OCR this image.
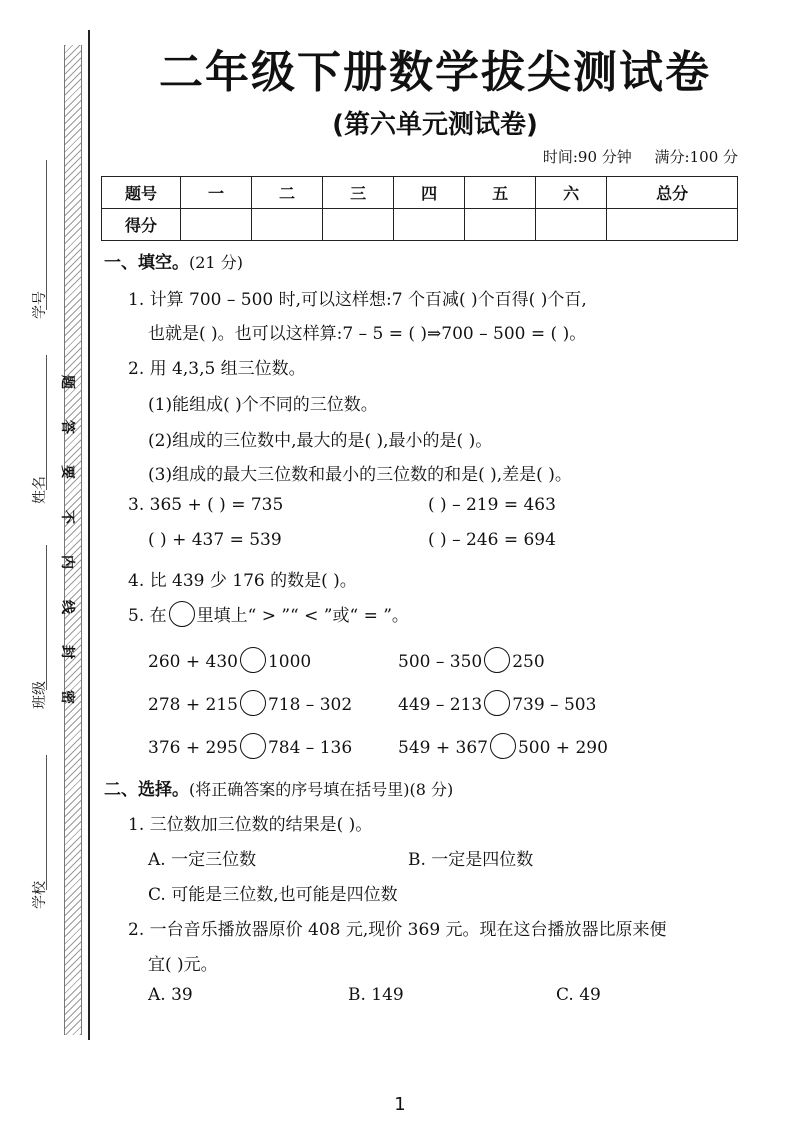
学号
姓名
班级
学校
题
答
要
不
内
线
封
密
二年级下册数学拔尖测试卷
(第六单元测试卷)
时间:90 分钟 满分:100 分
题号	一	二	三	四	五	六	总分
得分							
一、填空。(21 分)
1. 计算 700 – 500 时,可以这样想:7 个百减( )个百得( )个百,
也就是( )。也可以这样算:7 – 5 = ( )⇒700 – 500 = ( )。
2. 用 4,3,5 组三位数。
(1)能组成( )个不同的三位数。
(2)组成的三位数中,最大的是( ),最小的是( )。
(3)组成的最大三位数和最小的三位数的和是( ),差是( )。
3. 365 + ( ) = 735	( ) – 219 = 463
( ) + 437 = 539	( ) – 246 = 694
4. 比 439 少 176 的数是( )。
5. 在 里填上“ > ”“ < ”或“ = ”。
260 + 430 1000	500 – 350 250
278 + 215 718 – 302	449 – 213 739 – 503
376 + 295 784 – 136	549 + 367 500 + 290
二、选择。(将正确答案的序号填在括号里)(8 分)
1. 三位数加三位数的结果是( )。
A. 一定三位数	B. 一定是四位数
C. 可能是三位数,也可能是四位数
2. 一台音乐播放器原价 408 元,现价 369 元。现在这台播放器比原来便
宜( )元。
A. 39	B. 149	C. 49
1
